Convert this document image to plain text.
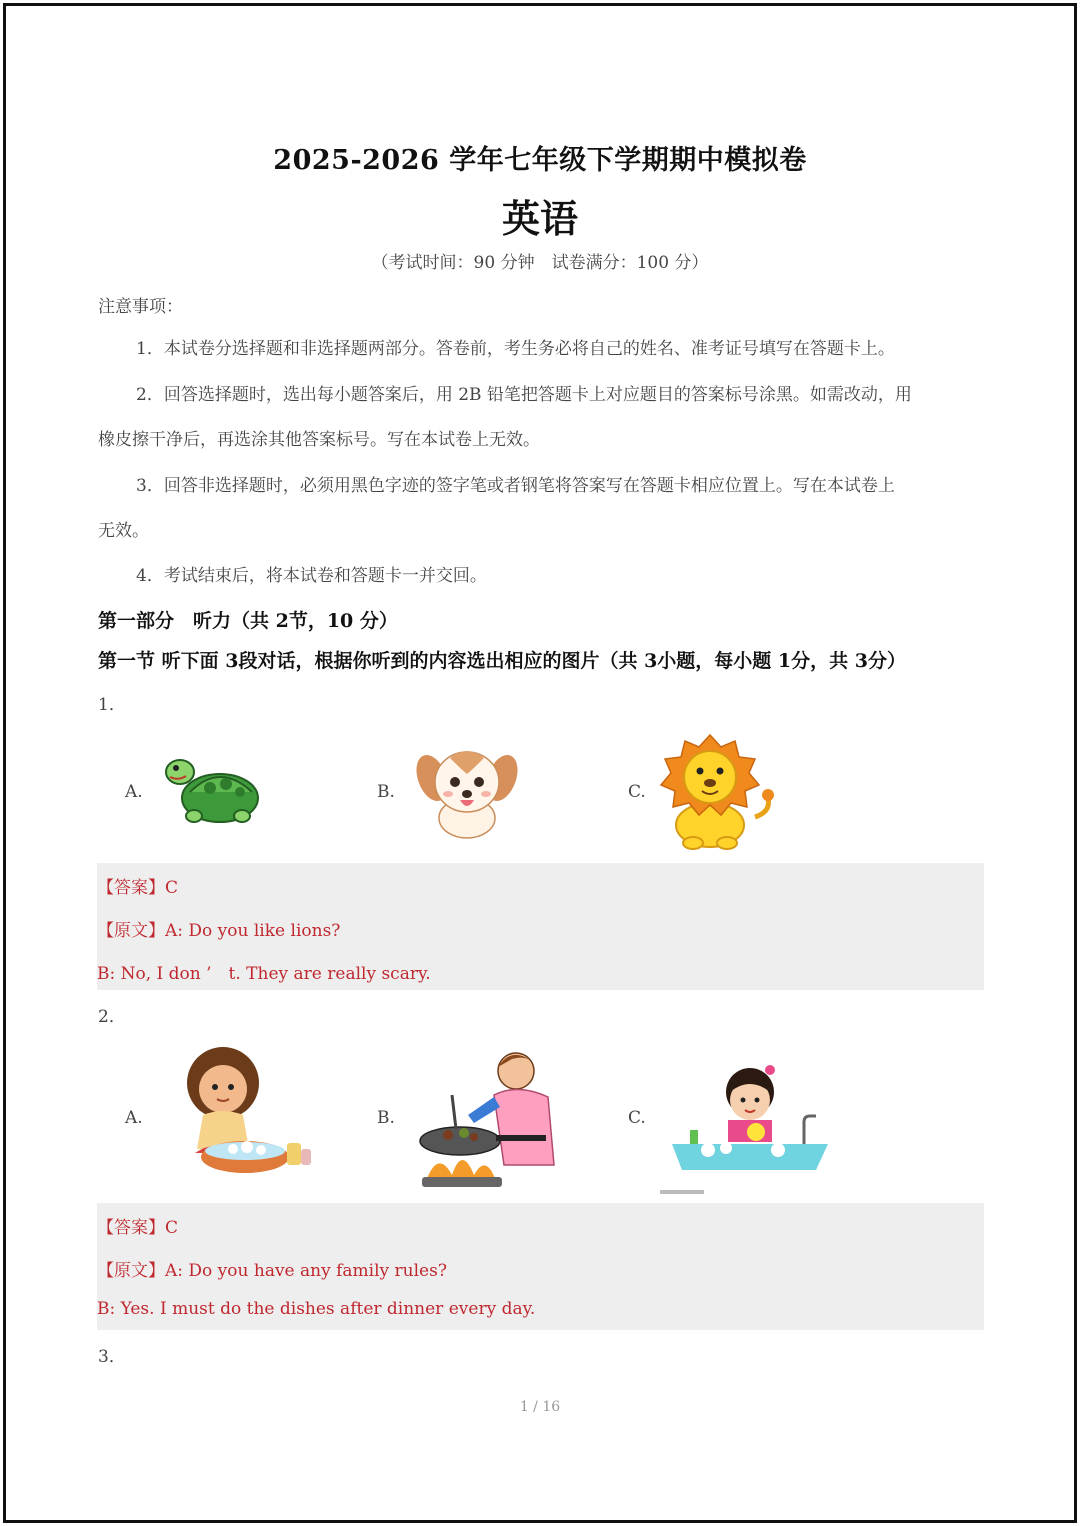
2025-2026 学年七年级下学期期中模拟卷
英语
（考试时间：90 分钟　试卷满分：100 分）
注意事项：
1．本试卷分选择题和非选择题两部分。答卷前，考生务必将自己的姓名、准考证号填写在答题卡上。
2．回答选择题时，选出每小题答案后，用 2B 铅笔把答题卡上对应题目的答案标号涂黑。如需改动，用
橡皮擦干净后，再选涂其他答案标号。写在本试卷上无效。
3．回答非选择题时，必须用黑色字迹的签字笔或者钢笔将答案写在答题卡相应位置上。写在本试卷上
无效。
4．考试结束后，将本试卷和答题卡一并交回。
第一部分　听力（共 2节，10 分）
第一节 听下面 3段对话，根据你听到的内容选出相应的图片（共 3小题，每小题 1分，共 3分）
1．
A.	B.	C.
【答案】C
【原文】A: Do you like lions?
B: No, I don ’　t. They are really scary.
2．
A.	B.	C.
【答案】C
【原文】A: Do you have any family rules?
B: Yes. I must do the dishes after dinner every day.
3．
1 / 16
